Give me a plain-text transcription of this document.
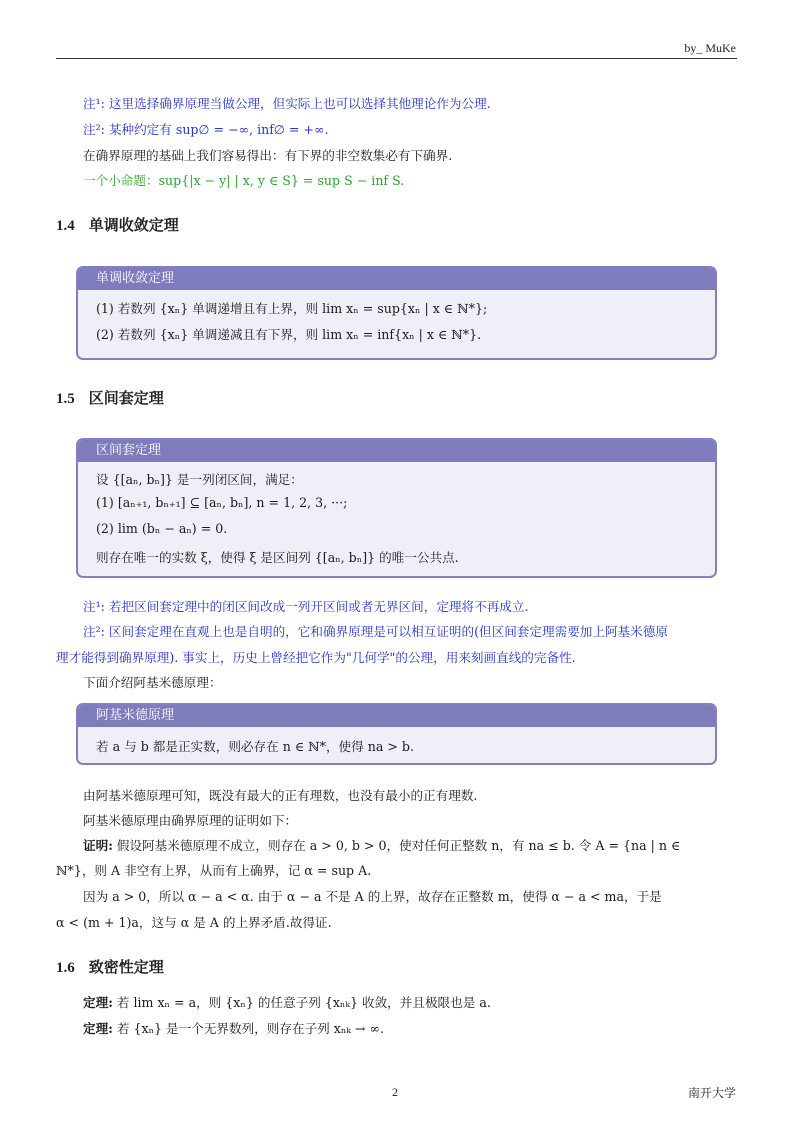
by_ MuKe
注¹: 这里选择确界原理当做公理，但实际上也可以选择其他理论作为公理.
注²: 某种约定有 sup∅ = −∞, inf∅ = +∞.
在确界原理的基础上我们容易得出：有下界的非空数集必有下确界.
一个小命题：sup{|x − y| | x, y ∈ S} = sup S − inf S.
1.4 单调收敛定理
单调收敛定理
(1) 若数列 {xₙ} 单调递增且有上界，则 lim xₙ = sup{xₙ | x ∈ ℕ*};
(2) 若数列 {xₙ} 单调递减且有下界，则 lim xₙ = inf{xₙ | x ∈ ℕ*}.
1.5 区间套定理
区间套定理
设 {[aₙ, bₙ]} 是一列闭区间，满足：
(1) [aₙ₊₁, bₙ₊₁] ⊆ [aₙ, bₙ], n = 1, 2, 3, ···;
(2) lim (bₙ − aₙ) = 0.
则存在唯一的实数 ξ，使得 ξ 是区间列 {[aₙ, bₙ]} 的唯一公共点.
注¹: 若把区间套定理中的闭区间改成一列开区间或者无界区间，定理将不再成立.
注²: 区间套定理在直观上也是自明的，它和确界原理是可以相互证明的(但区间套定理需要加上阿基米德原
理才能得到确界原理). 事实上，历史上曾经把它作为"几何学"的公理，用来刻画直线的完备性.
下面介绍阿基米德原理：
阿基米德原理
若 a 与 b 都是正实数，则必存在 n ∈ ℕ*，使得 na > b.
由阿基米德原理可知，既没有最大的正有理数，也没有最小的正有理数.
阿基米德原理由确界原理的证明如下：
证明: 假设阿基米德原理不成立，则存在 a > 0, b > 0，使对任何正整数 n，有 na ≤ b. 令 A = {na | n ∈
ℕ*}，则 A 非空有上界，从而有上确界，记 α = sup A.
因为 a > 0，所以 α − a < α. 由于 α − a 不是 A 的上界，故存在正整数 m，使得 α − a < ma，于是
α < (m + 1)a，这与 α 是 A 的上界矛盾.故得证.
1.6 致密性定理
定理: 若 lim xₙ = a，则 {xₙ} 的任意子列 {xₙₖ} 收敛，并且极限也是 a.
定理: 若 {xₙ} 是一个无界数列，则存在子列 xₙₖ → ∞.
2	南开大学
